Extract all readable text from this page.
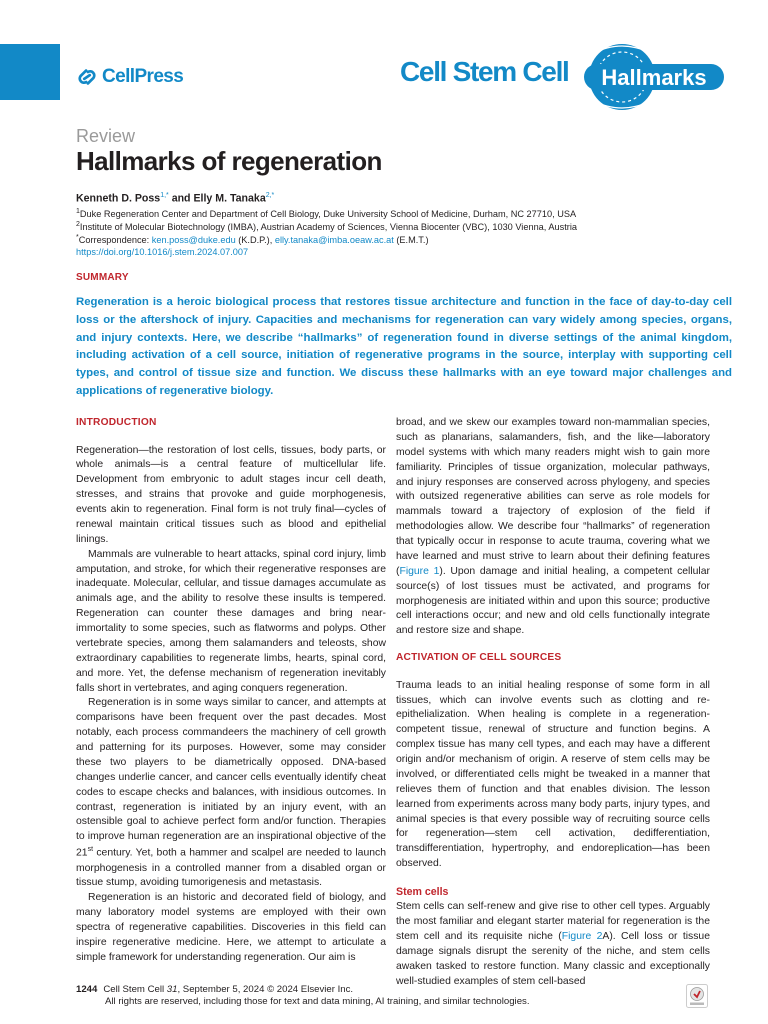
CellPress	Cell Stem Cell Hallmarks
Review
Hallmarks of regeneration
Kenneth D. Poss$^{1,*}$ and Elly M. Tanaka$^{2,*}$
$^1$Duke Regeneration Center and Department of Cell Biology, Duke University School of Medicine, Durham, NC 27710, USA
$^2$Institute of Molecular Biotechnology (IMBA), Austrian Academy of Sciences, Vienna Biocenter (VBC), 1030 Vienna, Austria
*Correspondence: ken.poss@duke.edu (K.D.P.), elly.tanaka@imba.oeaw.ac.at (E.M.T.)
https://doi.org/10.1016/j.stem.2024.07.007
SUMMARY

Regeneration is a heroic biological process that restores tissue architecture and function in the face of day-to-day cell loss or the aftershock of injury. Capacities and mechanisms for regeneration can vary widely among species, organs, and injury contexts. Here, we describe “hallmarks” of regeneration found in diverse settings of the animal kingdom, including activation of a cell source, initiation of regenerative programs in the source, interplay with supporting cell types, and control of tissue size and function. We discuss these hallmarks with an eye toward major challenges and applications of regenerative biology.

INTRODUCTION

Regeneration—the restoration of lost cells, tissues, body parts, or whole animals—is a central feature of multicellular life. Development from embryonic to adult stages incur cell death, stresses, and strains that provoke and guide morphogenesis, events akin to regeneration. Final form is not truly final—cycles of renewal maintain critical tissues such as blood and epithelial linings.

Mammals are vulnerable to heart attacks, spinal cord injury, limb amputation, and stroke, for which their regenerative responses are inadequate. Molecular, cellular, and tissue damages accumulate as animals age, and the ability to resolve these insults is tempered. Regeneration can counter these damages and bring near-immortality to some species, such as flatworms and polyps. Other vertebrate species, among them salamanders and teleosts, show extraordinary capabilities to regenerate limbs, hearts, spinal cord, and more. Yet, the defense mechanism of regeneration inevitably falls short in vertebrates, and aging conquers regeneration.

Regeneration is in some ways similar to cancer, and attempts at comparisons have been frequent over the past decades. Most notably, each process commandeers the machinery of cell growth and patterning for its purposes. However, some may consider these two players to be diametrically opposed. DNA-based changes underlie cancer, and cancer cells eventually identify cheat codes to escape checks and balances, with insidious outcomes. In contrast, regeneration is initiated by an injury event, with an ostensible goal to achieve perfect form and/or function. Therapies to improve human regeneration are an inspirational objective of the 21st century. Yet, both a hammer and scalpel are needed to launch morphogenesis in a controlled manner from a disabled organ or tissue stump, avoiding tumorigenesis and metastasis.

Regeneration is an historic and decorated field of biology, and many laboratory model systems are employed with their own spectra of regenerative capabilities. Discoveries in this field can inspire regenerative medicine. Here, we attempt to articulate a simple framework for understanding regeneration. Our aim is

broad, and we skew our examples toward non-mammalian species, such as planarians, salamanders, fish, and the like—laboratory model systems with which many readers might wish to gain more familiarity. Principles of tissue organization, molecular pathways, and injury responses are conserved across phylogeny, and species with outsized regenerative abilities can serve as role models for mammals toward a trajectory of explosion of the field if methodologies allow. We describe four “hallmarks” of regeneration that typically occur in response to acute trauma, covering what we have learned and must strive to learn about their defining features (Figure 1). Upon damage and initial healing, a competent cellular source(s) of lost tissues must be activated, and programs for morphogenesis are initiated within and upon this source; productive cell interactions occur; and new and old cells functionally integrate and restore size and shape.

ACTIVATION OF CELL SOURCES

Trauma leads to an initial healing response of some form in all tissues, which can involve events such as clotting and re-epithelialization. When healing is complete in a regeneration-competent tissue, renewal of structure and function begins. A complex tissue has many cell types, and each may have a different origin and/or mechanism of origin. A reserve of stem cells may be involved, or differentiated cells might be tweaked in a manner that relieves them of function and that enables division. The lesson learned from experiments across many body parts, injury types, and animal species is that every possible way of recruiting source cells for regeneration—stem cell activation, dedifferentiation, transdifferentiation, hypertrophy, and endoreplication—has been observed.

Stem cells

Stem cells can self-renew and give rise to other cell types. Arguably the most familiar and elegant starter material for regeneration is the stem cell and its requisite niche (Figure 2A). Cell loss or tissue damage signals disrupt the serenity of the niche, and stem cells awaken tasked to restore function. Many classic and exceptionally well-studied examples of stem cell-based

1244 Cell Stem Cell 31, September 5, 2024 © 2024 Elsevier Inc.
All rights are reserved, including those for text and data mining, AI training, and similar technologies.
